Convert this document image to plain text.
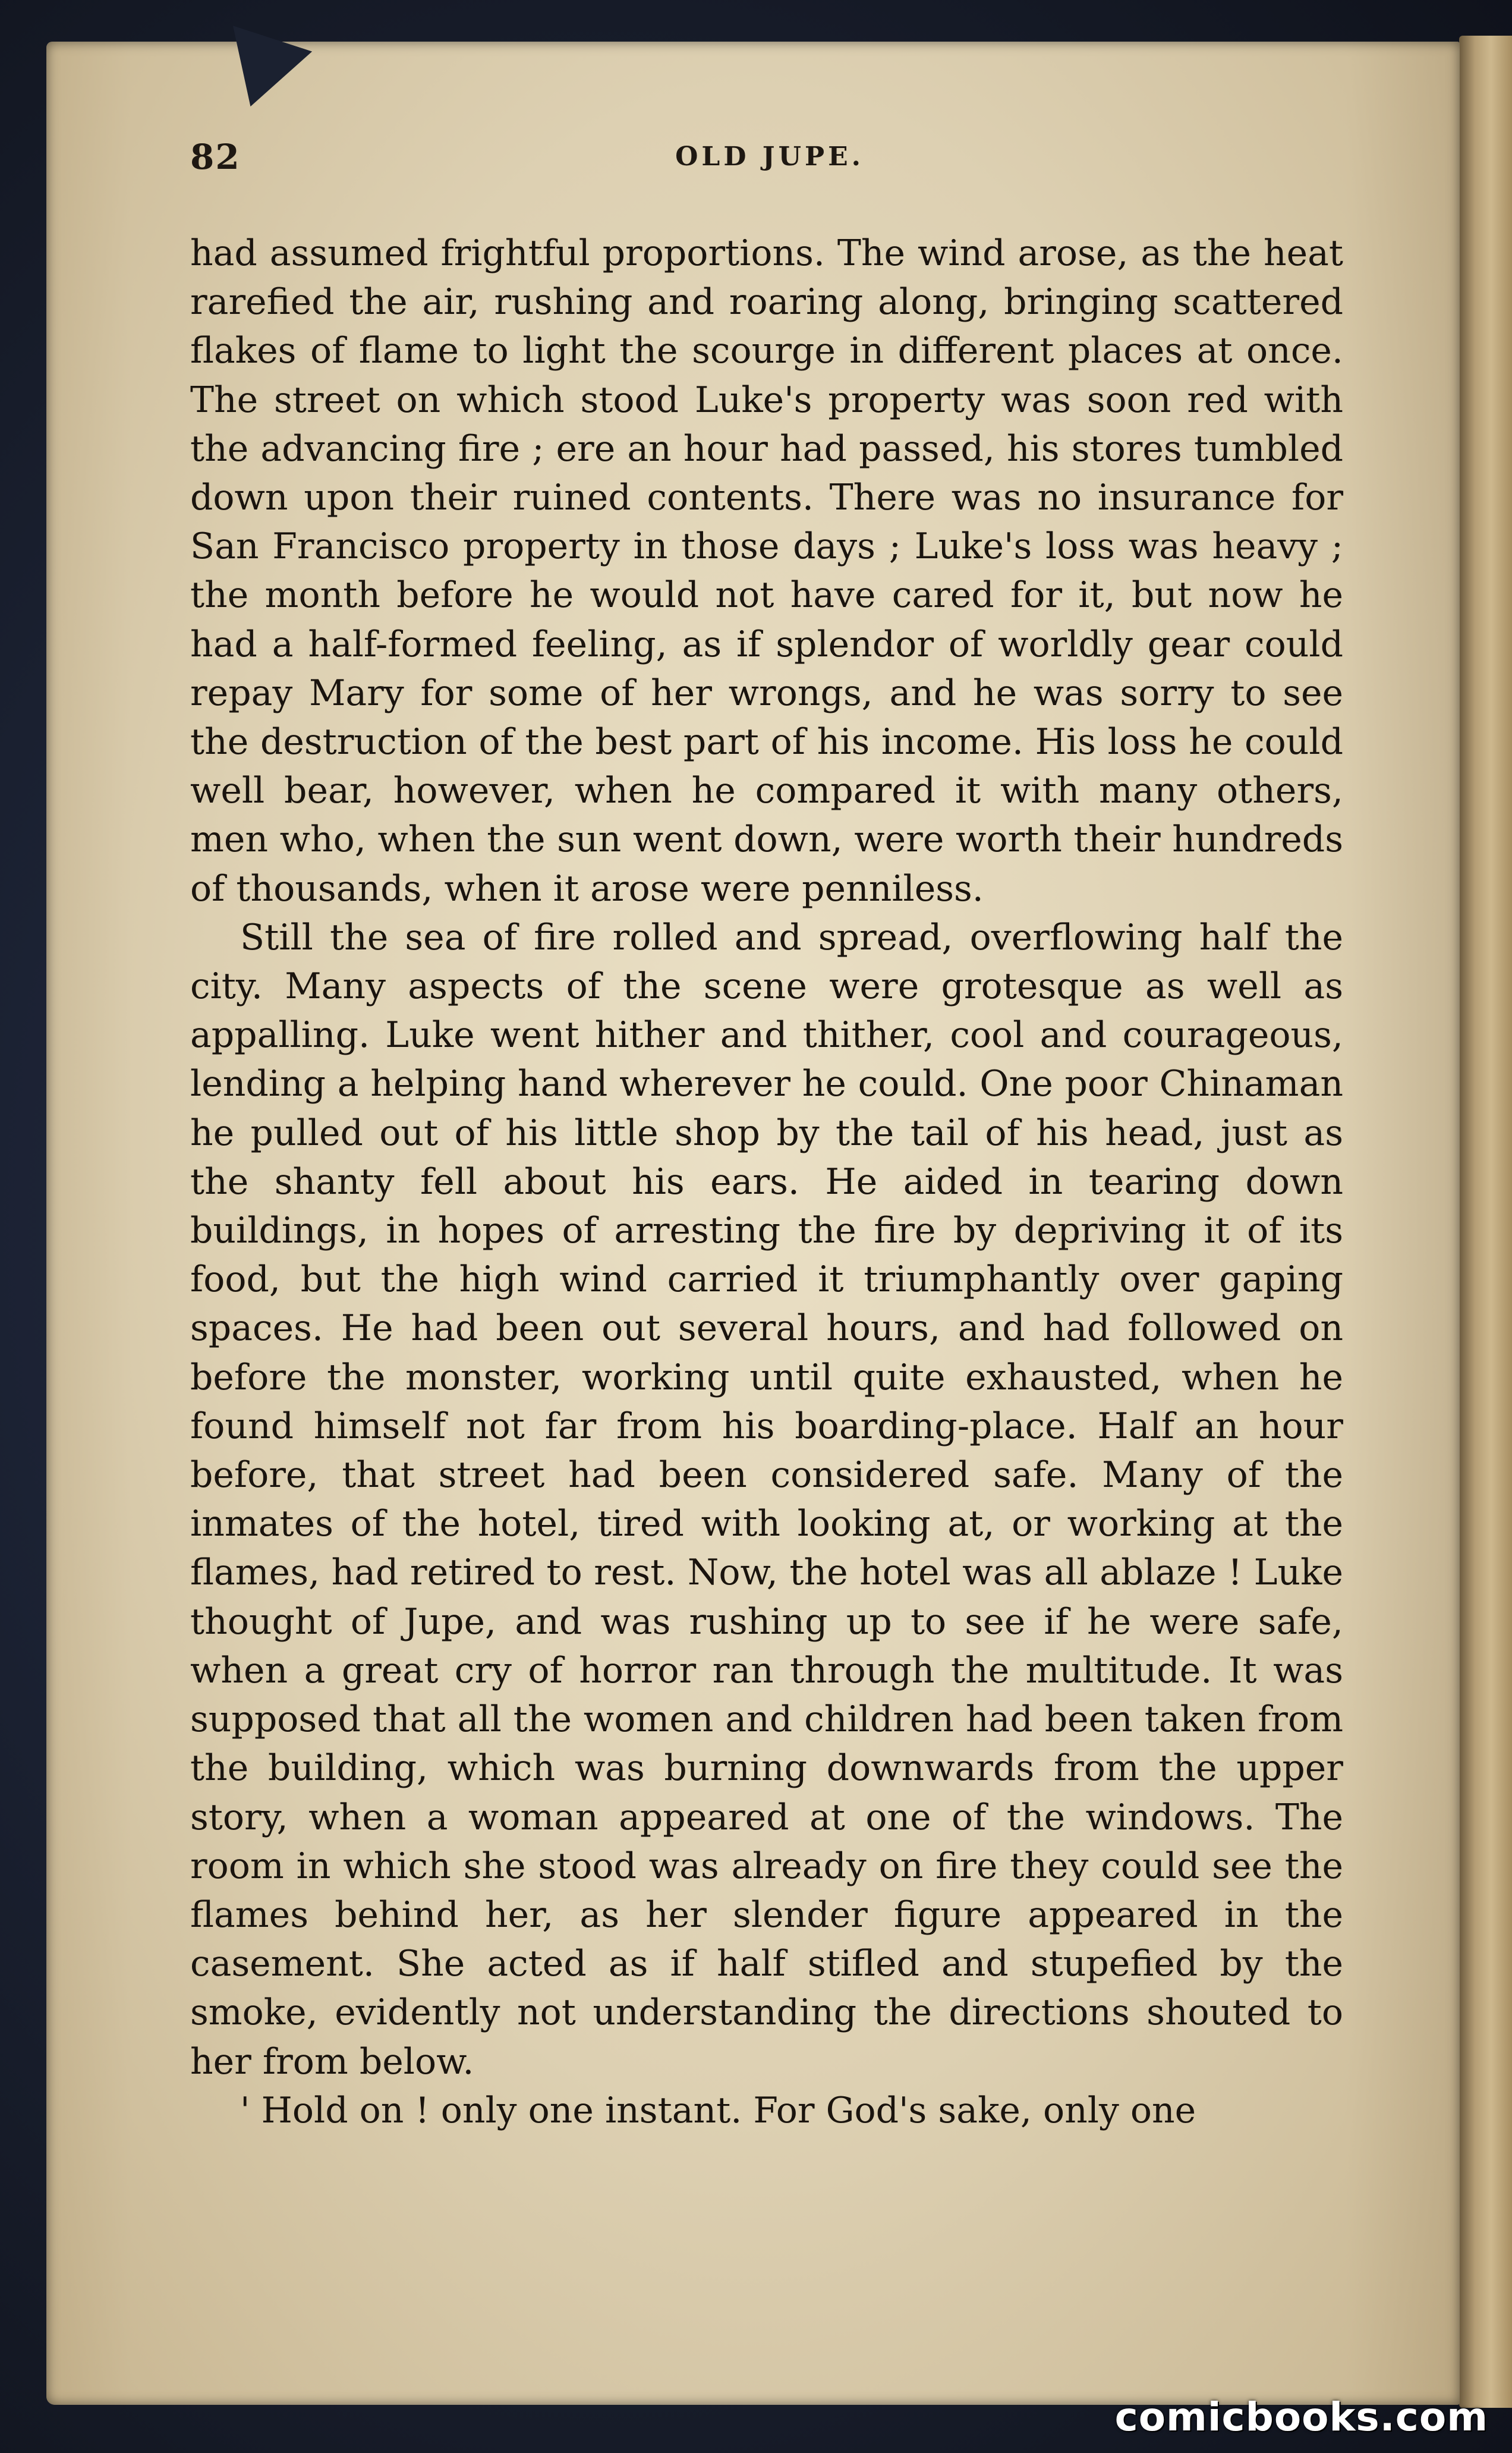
82	OLD JUPE.

had assumed frightful proportions. The wind arose, as the heat rarefied the air, rushing and roaring along, bringing scattered flakes of flame to light the scourge in different places at once. The street on which stood Luke's property was soon red with the advancing fire ; ere an hour had passed, his stores tumbled down upon their ruined contents. There was no insurance for San Francisco property in those days ; Luke's loss was heavy ; the month before he would not have cared for it, but now he had a half-formed feeling, as if splendor of worldly gear could repay Mary for some of her wrongs, and he was sorry to see the destruction of the best part of his income. His loss he could well bear, however, when he compared it with many others, men who, when the sun went down, were worth their hundreds of thousands, when it arose were penniless.

Still the sea of fire rolled and spread, overflowing half the city. Many aspects of the scene were grotesque as well as appalling. Luke went hither and thither, cool and courageous, lending a helping hand wherever he could. One poor Chinaman he pulled out of his little shop by the tail of his head, just as the shanty fell about his ears. He aided in tearing down buildings, in hopes of arresting the fire by depriving it of its food, but the high wind carried it triumphantly over gaping spaces. He had been out several hours, and had followed on before the monster, working until quite exhausted, when he found himself not far from his boarding-place. Half an hour before, that street had been considered safe. Many of the inmates of the hotel, tired with looking at, or working at the flames, had retired to rest. Now, the hotel was all ablaze ! Luke thought of Jupe, and was rushing up to see if he were safe, when a great cry of horror ran through the multitude. It was supposed that all the women and children had been taken from the building, which was burning downwards from the upper story, when a woman appeared at one of the windows. The room in which she stood was already on fire they could see the flames behind her, as her slender figure appeared in the casement. She acted as if half stifled and stupefied by the smoke, evidently not understanding the directions shouted to her from below.

' Hold on ! only one instant. For God's sake, only one

comicbooks.com
